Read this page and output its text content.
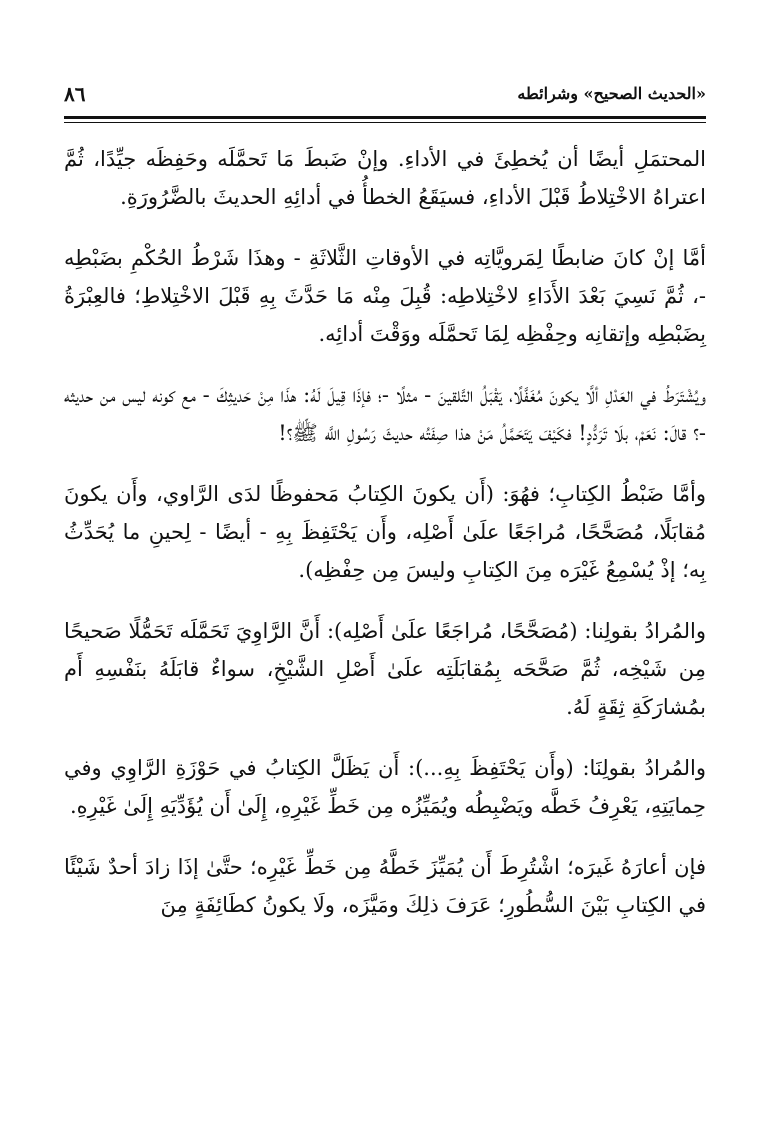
«الحديث الصحيح» وشرائطه
٨٦

المحتمَلِ أيضًا أن يُخطِئَ في الأداءِ. وإنْ ضَبطَ مَا تَحمَّلَه وحَفِظَه جيِّدًا، ثُمَّ اعتراهُ الاخْتِلاطُ قَبْلَ الأداءِ، فسيَقَعُ الخطأُ في أدائِهِ الحديثَ بالضَّرُورَةِ.

أمَّا إنْ كانَ ضابطًا لِمَرويَّاتِه في الأوقاتِ الثَّلاثَةِ - وهذَا شَرْطُ الحُكْمِ بضَبْطِه -، ثُمَّ نَسِيَ بَعْدَ الأَدَاءِ لاخْتِلاطِه: قُبِلَ مِنْه مَا حَدَّثَ بِهِ قَبْلَ الاخْتِلاطِ؛ فالعِبْرَةُ بِضَبْطِه وإتقانِه وحِفْظِه لِمَا تَحمَّلَه ووَقْتَ أدائِه.

ويُشْتَرَطُ في العَدْلِ ألَّا يكونَ مُغَفَّلًا، يَقْبَلُ التَّلقينَ - مثلًا -؛ فإذَا قِيلَ لَهُ: هذَا مِنْ حَديثِكَ - مع كونه ليس من حديثه -؟ قالَ: نَعَمْ، بلَا تَرَدُّدٍ! فكَيْفَ يَتَحَمَّلُ مَنْ هذا صِفَتُه حديثَ رَسُولِ اللَّه ﷺ؟!

وأمَّا ضَبْطُ الكِتابِ؛ فهُوَ: (أَن يكونَ الكِتابُ مَحفوظًا لدَى الرَّاوي، وأَن يكونَ مُقابَلًا، مُصَحَّحًا، مُراجَعًا علَىٰ أَصْلِه، وأَن يَحْتَفِظَ بِهِ - أيضًا - لِحينِ ما يُحَدِّثُ بِه؛ إذْ يُسْمِعُ غَيْرَه مِنَ الكِتابِ وليسَ مِن حِفْظِه).

والمُرادُ بقولِنا: (مُصَحَّحًا، مُراجَعًا علَىٰ أَصْلِه): أَنَّ الرَّاوِيَ تَحَمَّلَه تَحَمُّلًا صَحيحًا مِن شَيْخِه، ثُمَّ صَحَّحَه بِمُقابَلَتِه علَىٰ أَصْلِ الشَّيْخِ، سواءٌ قابَلَهُ بنَفْسِهِ أَم بمُشارَكَةِ ثِقَةٍ لَهُ.

والمُرادُ بقولِنَا: (وأَن يَحْتَفِظَ بِهِ...): أَن يَظَلَّ الكِتابُ في حَوْزَةِ الرَّاوِي وفي حِمايَتِهِ، يَعْرِفُ خَطَّه ويَضْبِطُه ويُمَيِّزُه مِن خَطِّ غَيْرِهِ، إِلَىٰ أَن يُؤَدِّيَهِ إِلَىٰ غَيْرِهِ.

فإن أعارَهُ غَيرَه؛ اشْتُرِطَ أَن يُمَيِّزَ خَطَّهُ مِن خَطِّ غَيْرِه؛ حتَّىٰ إذَا زادَ أحدٌ شَيْئًا في الكِتابِ بَيْنَ السُّطُورِ؛ عَرَفَ ذلِكَ ومَيَّزَه، ولَا يكونُ كطَائِفَةٍ مِنَ
